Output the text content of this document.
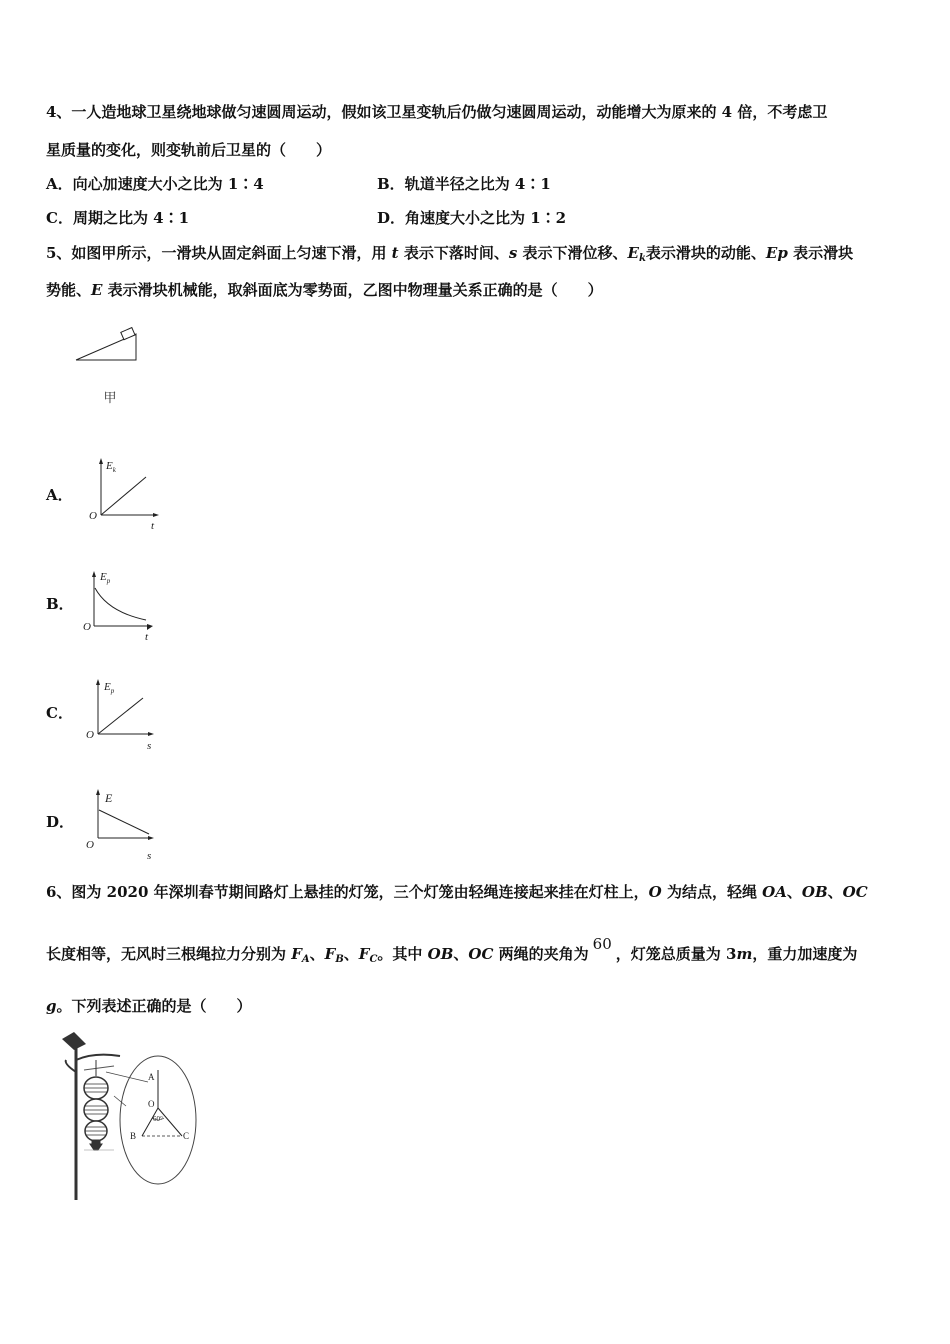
4、一人造地球卫星绕地球做匀速圆周运动，假如该卫星变轨后仍做匀速圆周运动，动能增大为原来的 4 倍，不考虑卫
星质量的变化，则变轨前后卫星的（　　）
A．向心加速度大小之比为 1∶4	B．轨道半径之比为 4∶1
C．周期之比为 4∶1	D．角速度大小之比为 1∶2
5、如图甲所示，一滑块从固定斜面上匀速下滑，用 t 表示下落时间、s 表示下滑位移、$E_k$表示滑块的动能、Ep 表示滑块
势能、E 表示滑块机械能，取斜面底为零势面，乙图中物理量关系正确的是（　　）
甲
A．
$E_k$
O
t
B．
$E_p$
O
t
C．
$E_p$
O
s
D．
E
O
s
6、图为 2020 年深圳春节期间路灯上悬挂的灯笼，三个灯笼由轻绳连接起来挂在灯柱上，O 为结点，轻绳 OA、OB、OC
长度相等，无风时三根绳拉力分别为 $F_A$、$F_B$、$F_C$。其中 OB、OC 两绳的夹角为60，灯笼总质量为 3m，重力加速度为
g。下列表述正确的是（　　）
A
O
B	C
60°
